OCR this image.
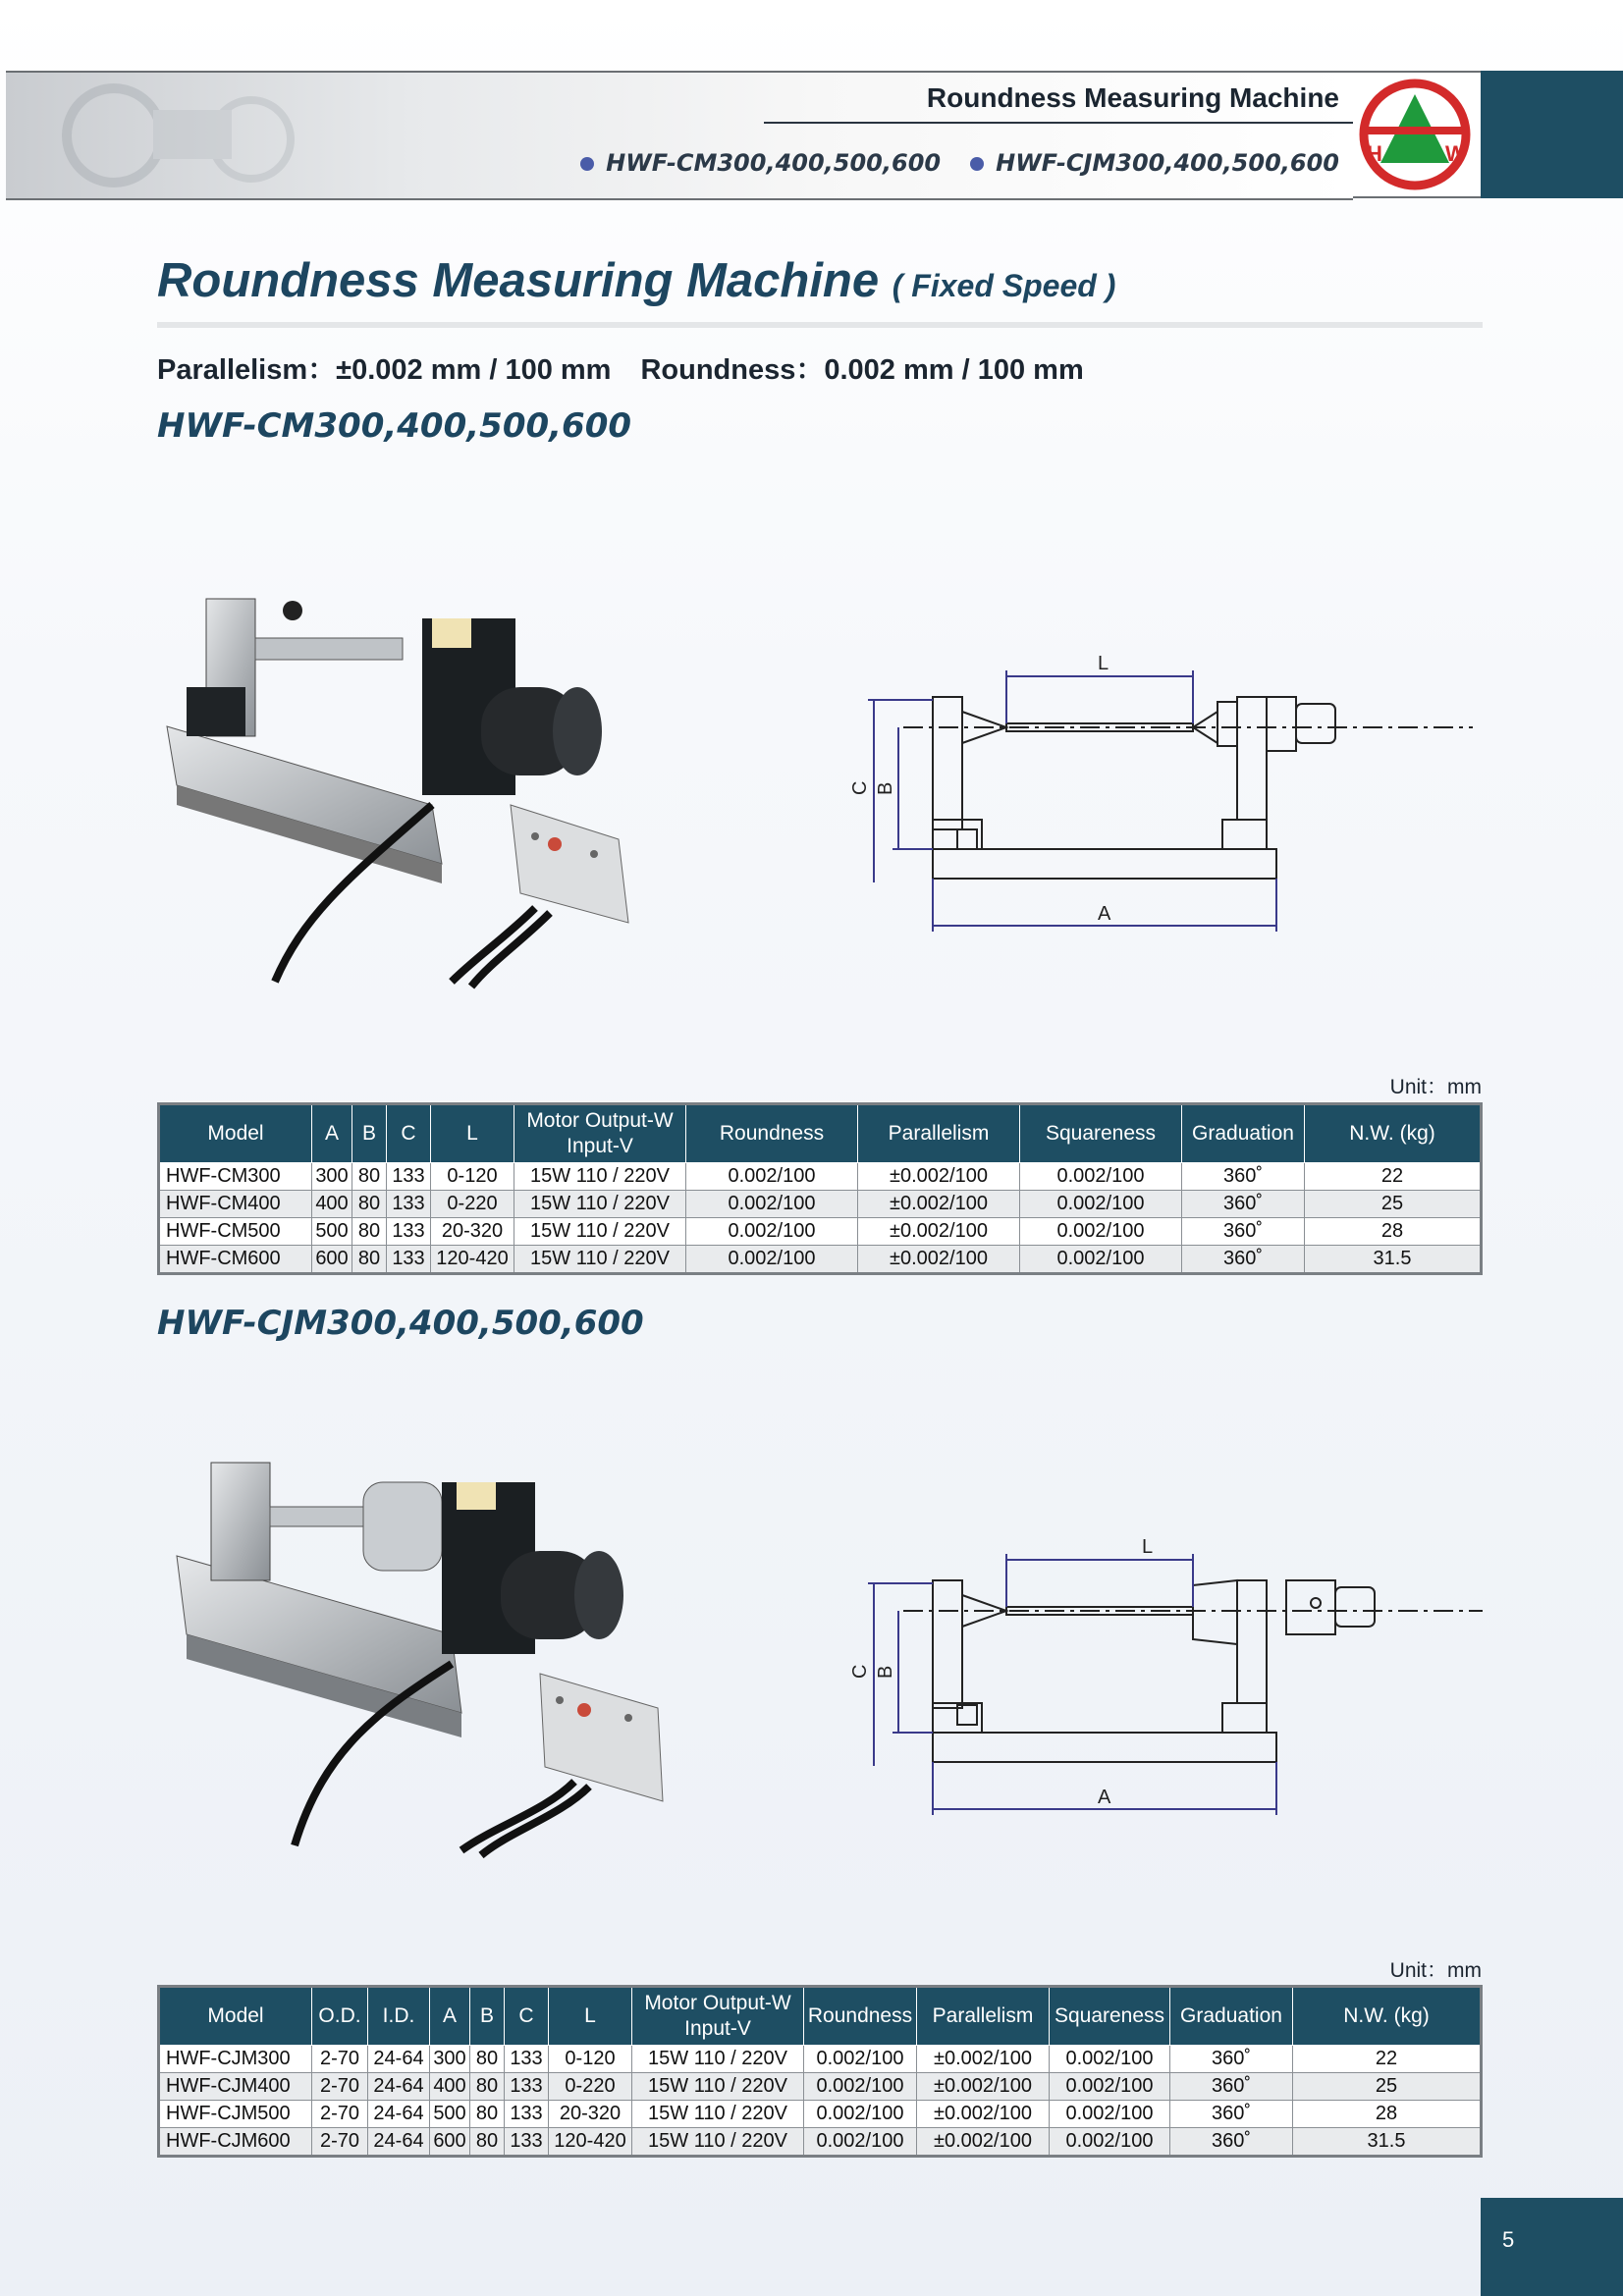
Roundness Measuring Machine
HWF-CM300,400,500,600	HWF-CJM300,400,500,600 H	W
Roundness Measuring Machine ( Fixed Speed )
Parallelism：±0.002 mm / 100 mm Roundness：0.002 mm / 100 mm
HWF-CM300,400,500,600
L
A
C B
Unit：mm
Model	A	B	C	L	Motor Output-W Input-V	Roundness	Parallelism	Squareness	Graduation	N.W. (kg)
HWF-CM300	300	80	133	0-120	15W 110 / 220V	0.002/100	±0.002/100	0.002/100	360˚	22
HWF-CM400	400	80	133	0-220	15W 110 / 220V	0.002/100	±0.002/100	0.002/100	360˚	25
HWF-CM500	500	80	133	20-320	15W 110 / 220V	0.002/100	±0.002/100	0.002/100	360˚	28
HWF-CM600	600	80	133	120-420	15W 110 / 220V	0.002/100	±0.002/100	0.002/100	360˚	31.5
HWF-CJM300,400,500,600
L
A
C B
Unit：mm
Model	O.D.	I.D.	A	B	C	L	Motor Output-W Input-V	Roundness	Parallelism	Squareness	Graduation	N.W. (kg)
HWF-CJM300	2-70	24-64	300	80	133	0-120	15W 110 / 220V	0.002/100	±0.002/100	0.002/100	360˚	22
HWF-CJM400	2-70	24-64	400	80	133	0-220	15W 110 / 220V	0.002/100	±0.002/100	0.002/100	360˚	25
HWF-CJM500	2-70	24-64	500	80	133	20-320	15W 110 / 220V	0.002/100	±0.002/100	0.002/100	360˚	28
HWF-CJM600	2-70	24-64	600	80	133	120-420	15W 110 / 220V	0.002/100	±0.002/100	0.002/100	360˚	31.5
5
